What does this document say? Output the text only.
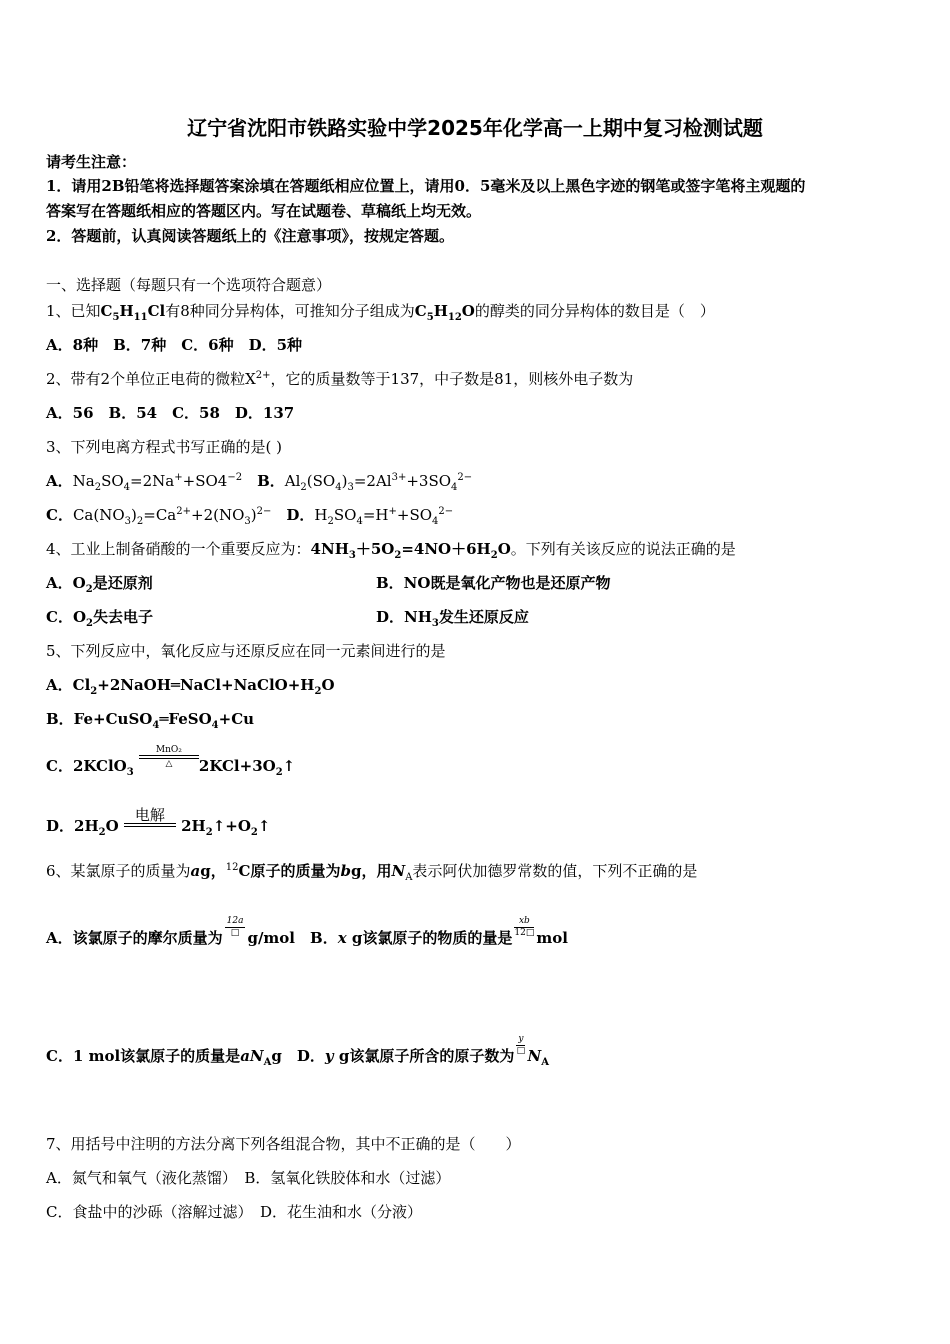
辽宁省沈阳市铁路实验中学2025年化学高一上期中复习检测试题
请考生注意：
1．请用2B铅笔将选择题答案涂填在答题纸相应位置上，请用0．5毫米及以上黑色字迹的钢笔或签字笔将主观题的
答案写在答题纸相应的答题区内。写在试题卷、草稿纸上均无效。
2．答题前，认真阅读答题纸上的《注意事项》，按规定答题。
一、选择题（每题只有一个选项符合题意）
1、已知$C_5H_{11}Cl$有8种同分异构体，可推知分子组成为$C_5H_{12}O$的醇类的同分异构体的数目是（　）
A．8种　B．7种　C．6种　D．5种
2、带有2个单位正电荷的微粒$X^{2+}$，它的质量数等于137，中子数是81，则核外电子数为
A．56　B．54　C．58　D．137
3、下列电离方程式书写正确的是( )
A．$Na_2SO_4=2Na^++SO4^{-2}$　 B．$Al_2(SO_4)_3=2Al^{3+}+3SO_4^{2-}$
C．$Ca(NO_3)_2=Ca^{2+}+2(NO_3)^{2-}$　 D．$H_2SO_4=H^++SO_4^{2-}$
4、工业上制备硝酸的一个重要反应为：$4NH_3+5O_2=4NO+6H_2O$。下列有关该反应的说法正确的是
A．$O_2$是还原剂	B．NO既是氧化产物也是还原产物
C．$O_2$失去电子	D．$NH_3$发生还原反应
5、下列反应中，氧化反应与还原反应在同一元素间进行的是
A．$Cl_2+2NaOH═NaCl+NaClO+H_2O$
B．Fe+CuSO$_4$═FeSO$_4$+Cu
C．2KClO$_3$
MnO₂
△	$2KCl+3O_2↑$
D．$2H_2O$
电解
$2H_2↑+O_2↑$
6、某氯原子的质量为ag，$^{12}$C原子的质量为bg，用$N_A$表示阿伏加德罗常数的值，下列不正确的是
A．该氯原子的摩尔质量为 $\frac{12a}{□} g/mol$　 B．x g该氯原子的物质的量是 $\frac{xb}{12□}$ mol
C．1 mol该氯原子的质量是$aN_Ag$　 D．y g该氯原子所含的原子数为 $\frac{y}{□} N_A$
7、用括号中注明的方法分离下列各组混合物，其中不正确的是（　　）
A．氮气和氧气（液化蒸馏）　B．氢氧化铁胶体和水（过滤）
C．食盐中的沙砾（溶解过滤）　D．花生油和水（分液）
